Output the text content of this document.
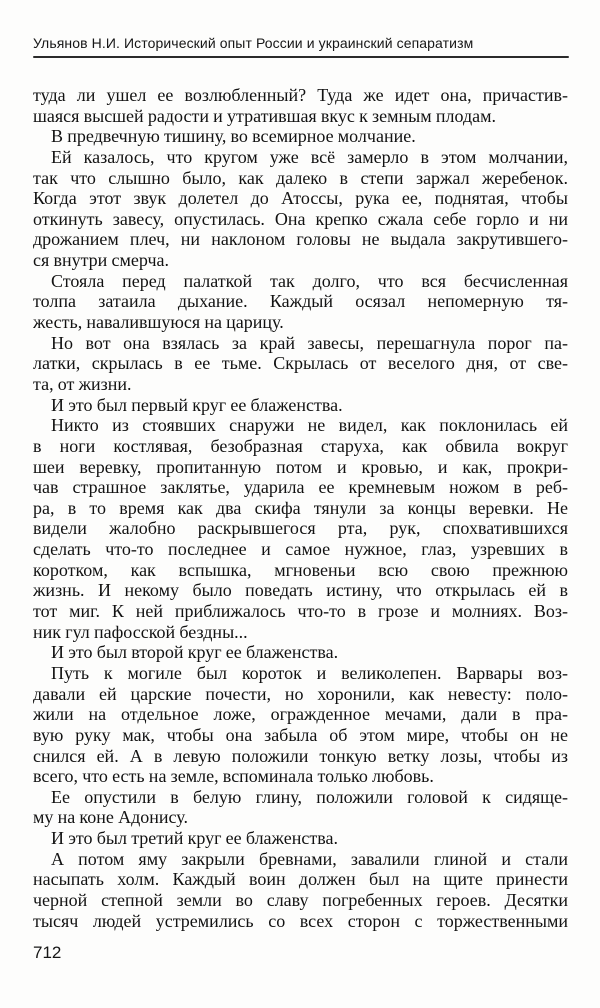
Ульянов Н.И. Исторический опыт России и украинский сепаратизм
туда ли ушел ее возлюбленный? Туда же идет она, причастив-
шаяся высшей радости и утратившая вкус к земным плодам.
В предвечную тишину, во всемирное молчание.
Ей казалось, что кругом уже всё замерло в этом молчании,
так что слышно было, как далеко в степи заржал жеребенок.
Когда этот звук долетел до Атоссы, рука ее, поднятая, чтобы
откинуть завесу, опустилась. Она крепко сжала себе горло и ни
дрожанием плеч, ни наклоном головы не выдала закрутившего-
ся внутри смерча.
Стояла перед палаткой так долго, что вся бесчисленная
толпа затаила дыхание. Каждый осязал непомерную тя-
жесть, навалившуюся на царицу.
Но вот она взялась за край завесы, перешагнула порог па-
латки, скрылась в ее тьме. Скрылась от веселого дня, от све-
та, от жизни.
И это был первый круг ее блаженства.
Никто из стоявших снаружи не видел, как поклонилась ей
в ноги костлявая, безобразная старуха, как обвила вокруг
шеи веревку, пропитанную потом и кровью, и как, прокри-
чав страшное заклятье, ударила ее кремневым ножом в реб-
ра, в то время как два скифа тянули за концы веревки. Не
видели жалобно раскрывшегося рта, рук, спохватившихся
сделать что-то последнее и самое нужное, глаз, узревших в
коротком, как вспышка, мгновеньи всю свою прежнюю
жизнь. И некому было поведать истину, что открылась ей в
тот миг. К ней приближалось что-то в грозе и молниях. Воз-
ник гул пафосской бездны...
И это был второй круг ее блаженства.
Путь к могиле был короток и великолепен. Варвары воз-
давали ей царские почести, но хоронили, как невесту: поло-
жили на отдельное ложе, огражденное мечами, дали в пра-
вую руку мак, чтобы она забыла об этом мире, чтобы он не
снился ей. А в левую положили тонкую ветку лозы, чтобы из
всего, что есть на земле, вспоминала только любовь.
Ее опустили в белую глину, положили головой к сидяще-
му на коне Адонису.
И это был третий круг ее блаженства.
А потом яму закрыли бревнами, завалили глиной и стали
насыпать холм. Каждый воин должен был на щите принести
черной степной земли во славу погребенных героев. Десятки
тысяч людей устремились со всех сторон с торжественными
712
